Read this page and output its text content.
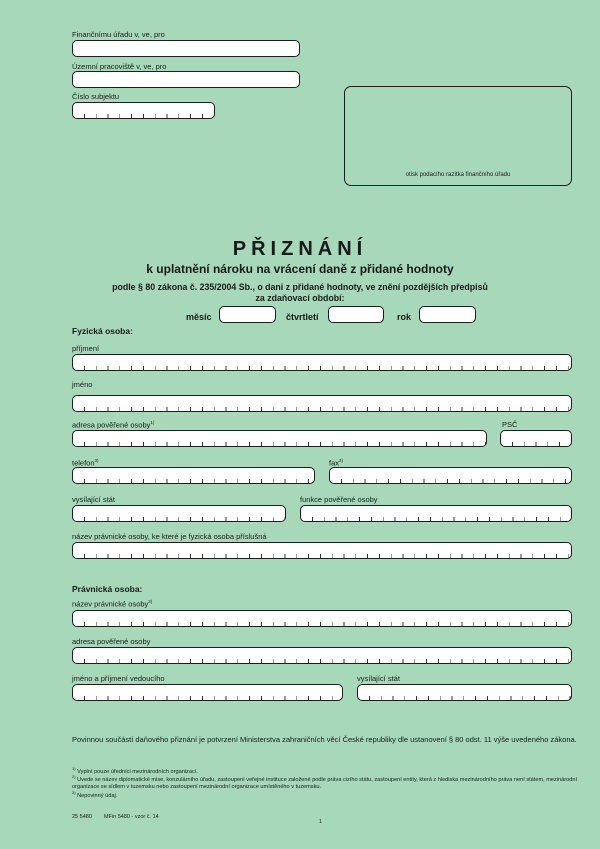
Finančnímu úřadu v, ve, pro
Územní pracoviště v, ve, pro
Číslo subjektu
otisk podacího razítka finančního úřadu
PŘIZNÁNÍ
k uplatnění nároku na vrácení daně z přidané hodnoty
podle § 80 zákona č. 235/2004 Sb., o dani z přidané hodnoty, ve znění pozdějších předpisů
za zdaňovací období:
měsíc	čtvrtletí	rok
Fyzická osoba:
příjmení
jméno
adresa pověřené osoby$^{1)}$	PSČ
telefon$^{3)}$	fax$^{3)}$
vysílající stát	funkce pověřené osoby
název právnické osoby, ke které je fyzická osoba příslušná
Právnická osoba:
název právnické osoby$^{2)}$
adresa pověřené osoby
jméno a příjmení vedoucího	vysílající stát
Povinnou součástí daňového přiznání je potvrzení Ministerstva zahraničních věcí České republiky dle ustanovení § 80 odst. 11 výše uvedeného zákona.
$^{1)}$ Vyplní pouze úředníci mezinárodních organizací.
$^{2)}$ Uvede se název diplomatické mise, konzulárního úřadu, zastoupení veřejné instituce založené podle práva cizího státu, zastoupení entity, která z hlediska mezinárodního práva není státem, mezinárodní organizace se sídlem v tuzemsku nebo zastoupení mezinárodní organizace umístěného v tuzemsku.
$^{3)}$ Nepovinný údaj.
25 5480 MFin 5480 - vzor č. 14
1
